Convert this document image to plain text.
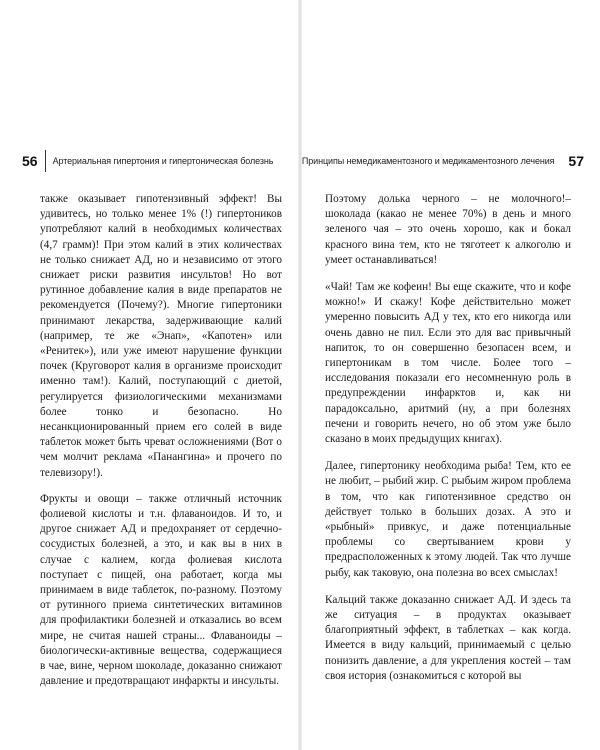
56 Артериальная гипертония и гипертоническая болезнь	Принципы немедикаментозного и медикаментозного лечения 57

также оказывает гипотензивный эффект! Вы удивитесь, но только менее 1% (!) гипертоников употребляют калий в необходимых количествах (4,7 грамм)! При этом калий в этих количествах не только снижает АД, но и независимо от этого снижает риски развития инсультов! Но вот рутинное добавление калия в виде препаратов не рекомендуется (Почему?). Многие гипертоники принимают лекарства, задерживающие калий (например, те же «Энап», «Капотен» или «Ренитек»), или уже имеют нарушение функции почек (Круговорот калия в организме происходит именно там!). Калий, поступающий с диетой, регулируется физиологическими механизмами более тонко и безопасно. Но несанкционированный прием его солей в виде таблеток может быть чреват осложнениями (Вот о чем молчит реклама «Панангина» и прочего по телевизору!).

Фрукты и овощи – также отличный источник фолиевой кислоты и т.н. флаваноидов. И то, и другое снижает АД и предохраняет от сердечно-сосудистых болезней, а это, и как вы в них в случае с калием, когда фолиевая кислота поступает с пищей, она работает, когда мы принимаем в виде таблеток, по-разному. Поэтому от рутинного приема синтетических витаминов для профилактики болезней и отказались во всем мире, не считая нашей страны... Флаваноиды – биологически-активные вещества, содержащиеся в чае, вине, черном шоколаде, доказанно снижают давление и предотвращают инфаркты и инсульты.

Поэтому долька черного – не молочного!– шоколада (какао не менее 70%) в день и много зеленого чая – это очень хорошо, как и бокал красного вина тем, кто не тяготеет к алкоголю и умеет останавливаться!

«Чай! Там же кофеин! Вы еще скажите, что и кофе можно!» И скажу! Кофе действительно может умеренно повысить АД у тех, кто его никогда или очень давно не пил. Если это для вас привычный напиток, то он совершенно безопасен всем, и гипертоникам в том числе. Более того – исследования показали его несомненную роль в предупреждении инфарктов и, как ни парадоксально, аритмий (ну, а при болезнях печени и говорить нечего, но об этом уже было сказано в моих предыдущих книгах).

Далее, гипертонику необходима рыба! Тем, кто ее не любит, – рыбий жир. С рыбьим жиром проблема в том, что как гипотензивное средство он действует только в больших дозах. А это и «рыбный» привкус, и даже потенциальные проблемы со свертыванием крови у предрасположенных к этому людей. Так что лучше рыбу, как таковую, она полезна во всех смыслах!

Кальций также доказанно снижает АД. И здесь та же ситуация – в продуктах оказывает благоприятный эффект, в таблетках – как когда. Имеется в виду кальций, принимаемый с целью понизить давление, а для укрепления костей – там своя история (ознакомиться с которой вы
